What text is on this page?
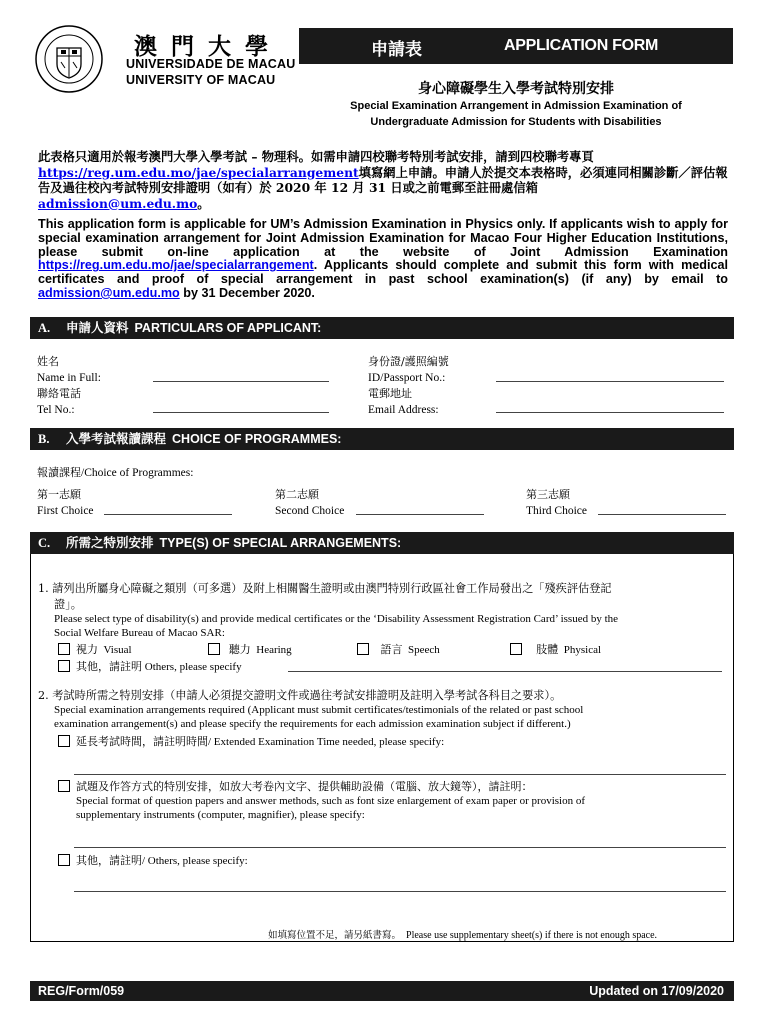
澳門大學
UNIVERSIDADE DE MACAU
UNIVERSITY OF MACAU
申請表	APPLICATION FORM
身心障礙學生入學考試特別安排
Special Examination Arrangement in Admission Examination of
Undergraduate Admission for Students with Disabilities
此表格只適用於報考澳門大學入學考試 – 物理科。如需申請四校聯考特別考試安排，請到四校聯考專頁https://reg.um.edu.mo/jae/specialarrangement填寫網上申請。申請人於提交本表格時，必須連同相關診斷／評估報告及過往校內考試特別安排證明（如有）於 2020 年 12 月 31 日或之前電郵至註冊處信箱
admission@um.edu.mo。
This application form is applicable for UM’s Admission Examination in Physics only. If applicants wish to apply for special examination arrangement for Joint Admission Examination for Macao Four Higher Education Institutions, please submit on-line application at the website of Joint Admission Examination https://reg.um.edu.mo/jae/specialarrangement. Applicants should complete and submit this form with medical certificates and proof of special arrangement in past school examination(s) (if any) by email to admission@um.edu.mo by 31 December 2020.
A. 申請人資料 PARTICULARS OF APPLICANT:
姓名
Name in Full:
聯絡電話
Tel No.:
身份證/護照編號
ID/Passport No.:
電郵地址
Email Address:
B. 入學考試報讀課程 CHOICE OF PROGRAMMES:
報讀課程/Choice of Programmes:
第一志願
First Choice
第二志願
Second Choice
第三志願
Third Choice
C. 所需之特別安排 TYPE(S) OF SPECIAL ARRANGEMENTS:
1. 請列出所屬身心障礙之類別（可多選）及附上相關醫生證明或由澳門特別行政區社會工作局發出之「殘疾評估登記
證」。
Please select type of disability(s) and provide medical certificates or the ‘Disability Assessment Registration Card’ issued by the
Social Welfare Bureau of Macao SAR:
視力 Visual	聽力 Hearing	語言 Speech	肢體 Physical
其他，請註明 Others, please specify
2. 考試時所需之特別安排（申請人必須提交證明文件或過往考試安排證明及註明入學考試各科目之要求）。
Special examination arrangements required (Applicant must submit certificates/testimonials of the related or past school
examination arrangement(s) and please specify the requirements for each admission examination subject if different.)
延長考試時間，請註明時間/ Extended Examination Time needed, please specify:
試題及作答方式的特別安排，如放大考卷內文字、提供輔助設備（電腦、放大鏡等），請註明：
Special format of question papers and answer methods, such as font size enlargement of exam paper or provision of
supplementary instruments (computer, magnifier), please specify:
其他，請註明/ Others, please specify:
如填寫位置不足，請另紙書寫。 Please use supplementary sheet(s) if there is not enough space.
REG/Form/059	Updated on 17/09/2020
